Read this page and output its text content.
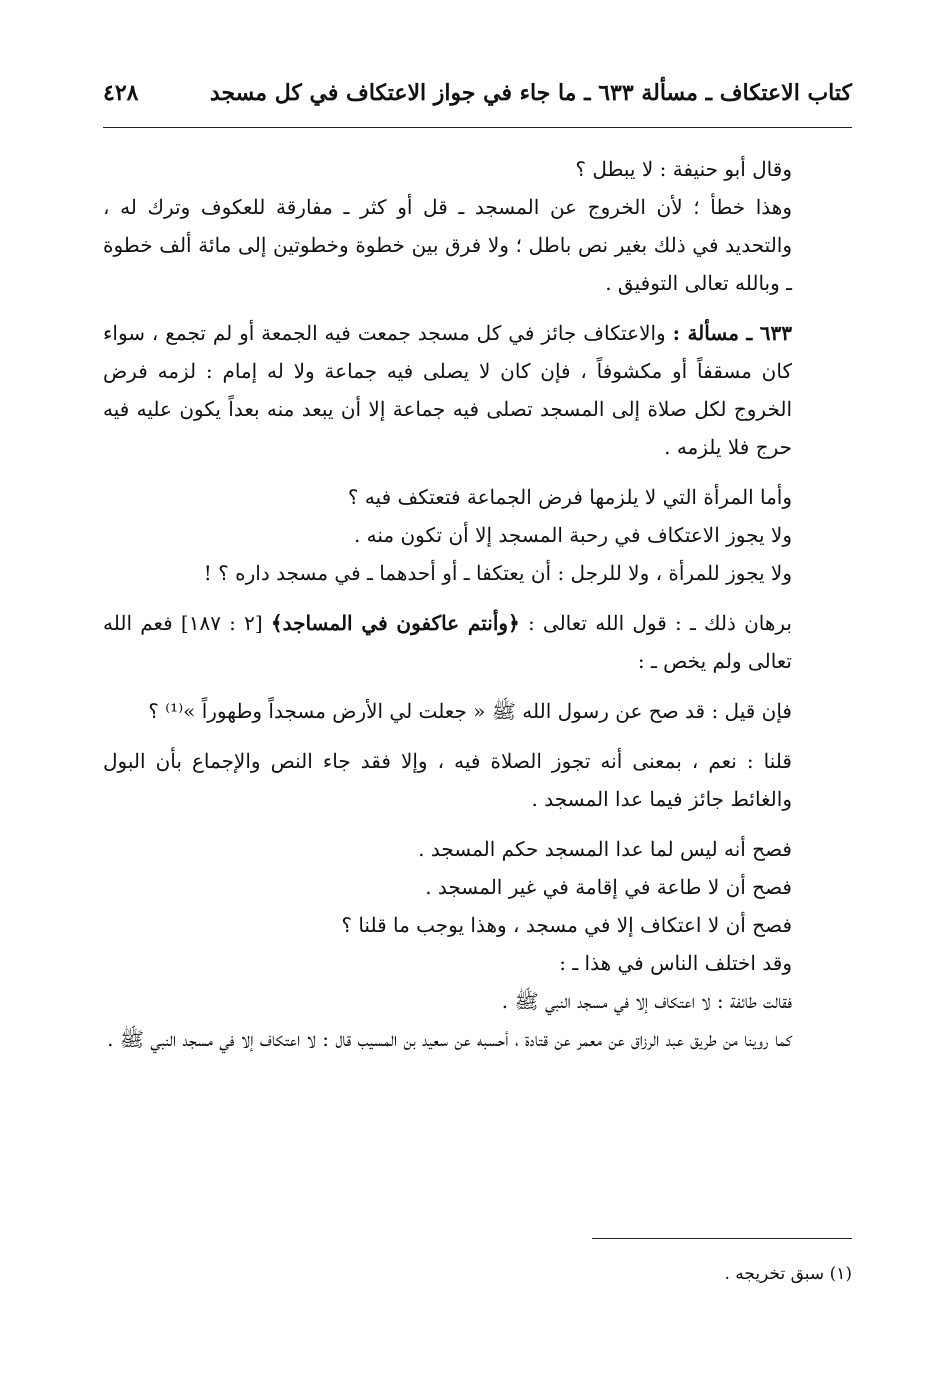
كتاب الاعتكاف ـ مسألة ٦٣٣ ـ ما جاء في جواز الاعتكاف في كل مسجد
٤٢٨

وقال أبو حنيفة : لا يبطل ؟

وهذا خطأ ؛ لأن الخروج عن المسجد ـ قل أو كثر ـ مفارقة للعكوف وترك له ، والتحديد في ذلك بغير نص باطل ؛ ولا فرق بين خطوة وخطوتين إلى مائة ألف خطوة ـ وبالله تعالى التوفيق .

٦٣٣ ـ مسألة : والاعتكاف جائز في كل مسجد جمعت فيه الجمعة أو لم تجمع ، سواء كان مسقفاً أو مكشوفاً ، فإن كان لا يصلى فيه جماعة ولا له إمام : لزمه فرض الخروج لكل صلاة إلى المسجد تصلى فيه جماعة إلا أن يبعد منه بعداً يكون عليه فيه حرج فلا يلزمه .

وأما المرأة التي لا يلزمها فرض الجماعة فتعتكف فيه ؟

ولا يجوز الاعتكاف في رحبة المسجد إلا أن تكون منه .

ولا يجوز للمرأة ، ولا للرجل : أن يعتكفا ـ أو أحدهما ـ في مسجد داره ؟ !

برهان ذلك ـ : قول الله تعالى : ﴿وأنتم عاكفون في المساجد﴾ [٢ : ١٨٧] فعم الله تعالى ولم يخص ـ :

فإن قيل : قد صح عن رسول الله ﷺ « جعلت لي الأرض مسجداً وطهوراً »⁽¹⁾ ؟

قلنا : نعم ، بمعنى أنه تجوز الصلاة فيه ، وإلا فقد جاء النص والإجماع بأن البول والغائط جائز فيما عدا المسجد .

فصح أنه ليس لما عدا المسجد حكم المسجد .

فصح أن لا طاعة في إقامة في غير المسجد .

فصح أن لا اعتكاف إلا في مسجد ، وهذا يوجب ما قلنا ؟

وقد اختلف الناس في هذا ـ :

فقالت طائفة : لا اعتكاف إلا في مسجد النبي ﷺ .

كما روينا من طريق عبد الرزاق عن معمر عن قتادة ، أحسبه عن سعيد بن المسيب قال : لا اعتكاف إلا في مسجد النبي ﷺ .

(١) سبق تخريجه .
